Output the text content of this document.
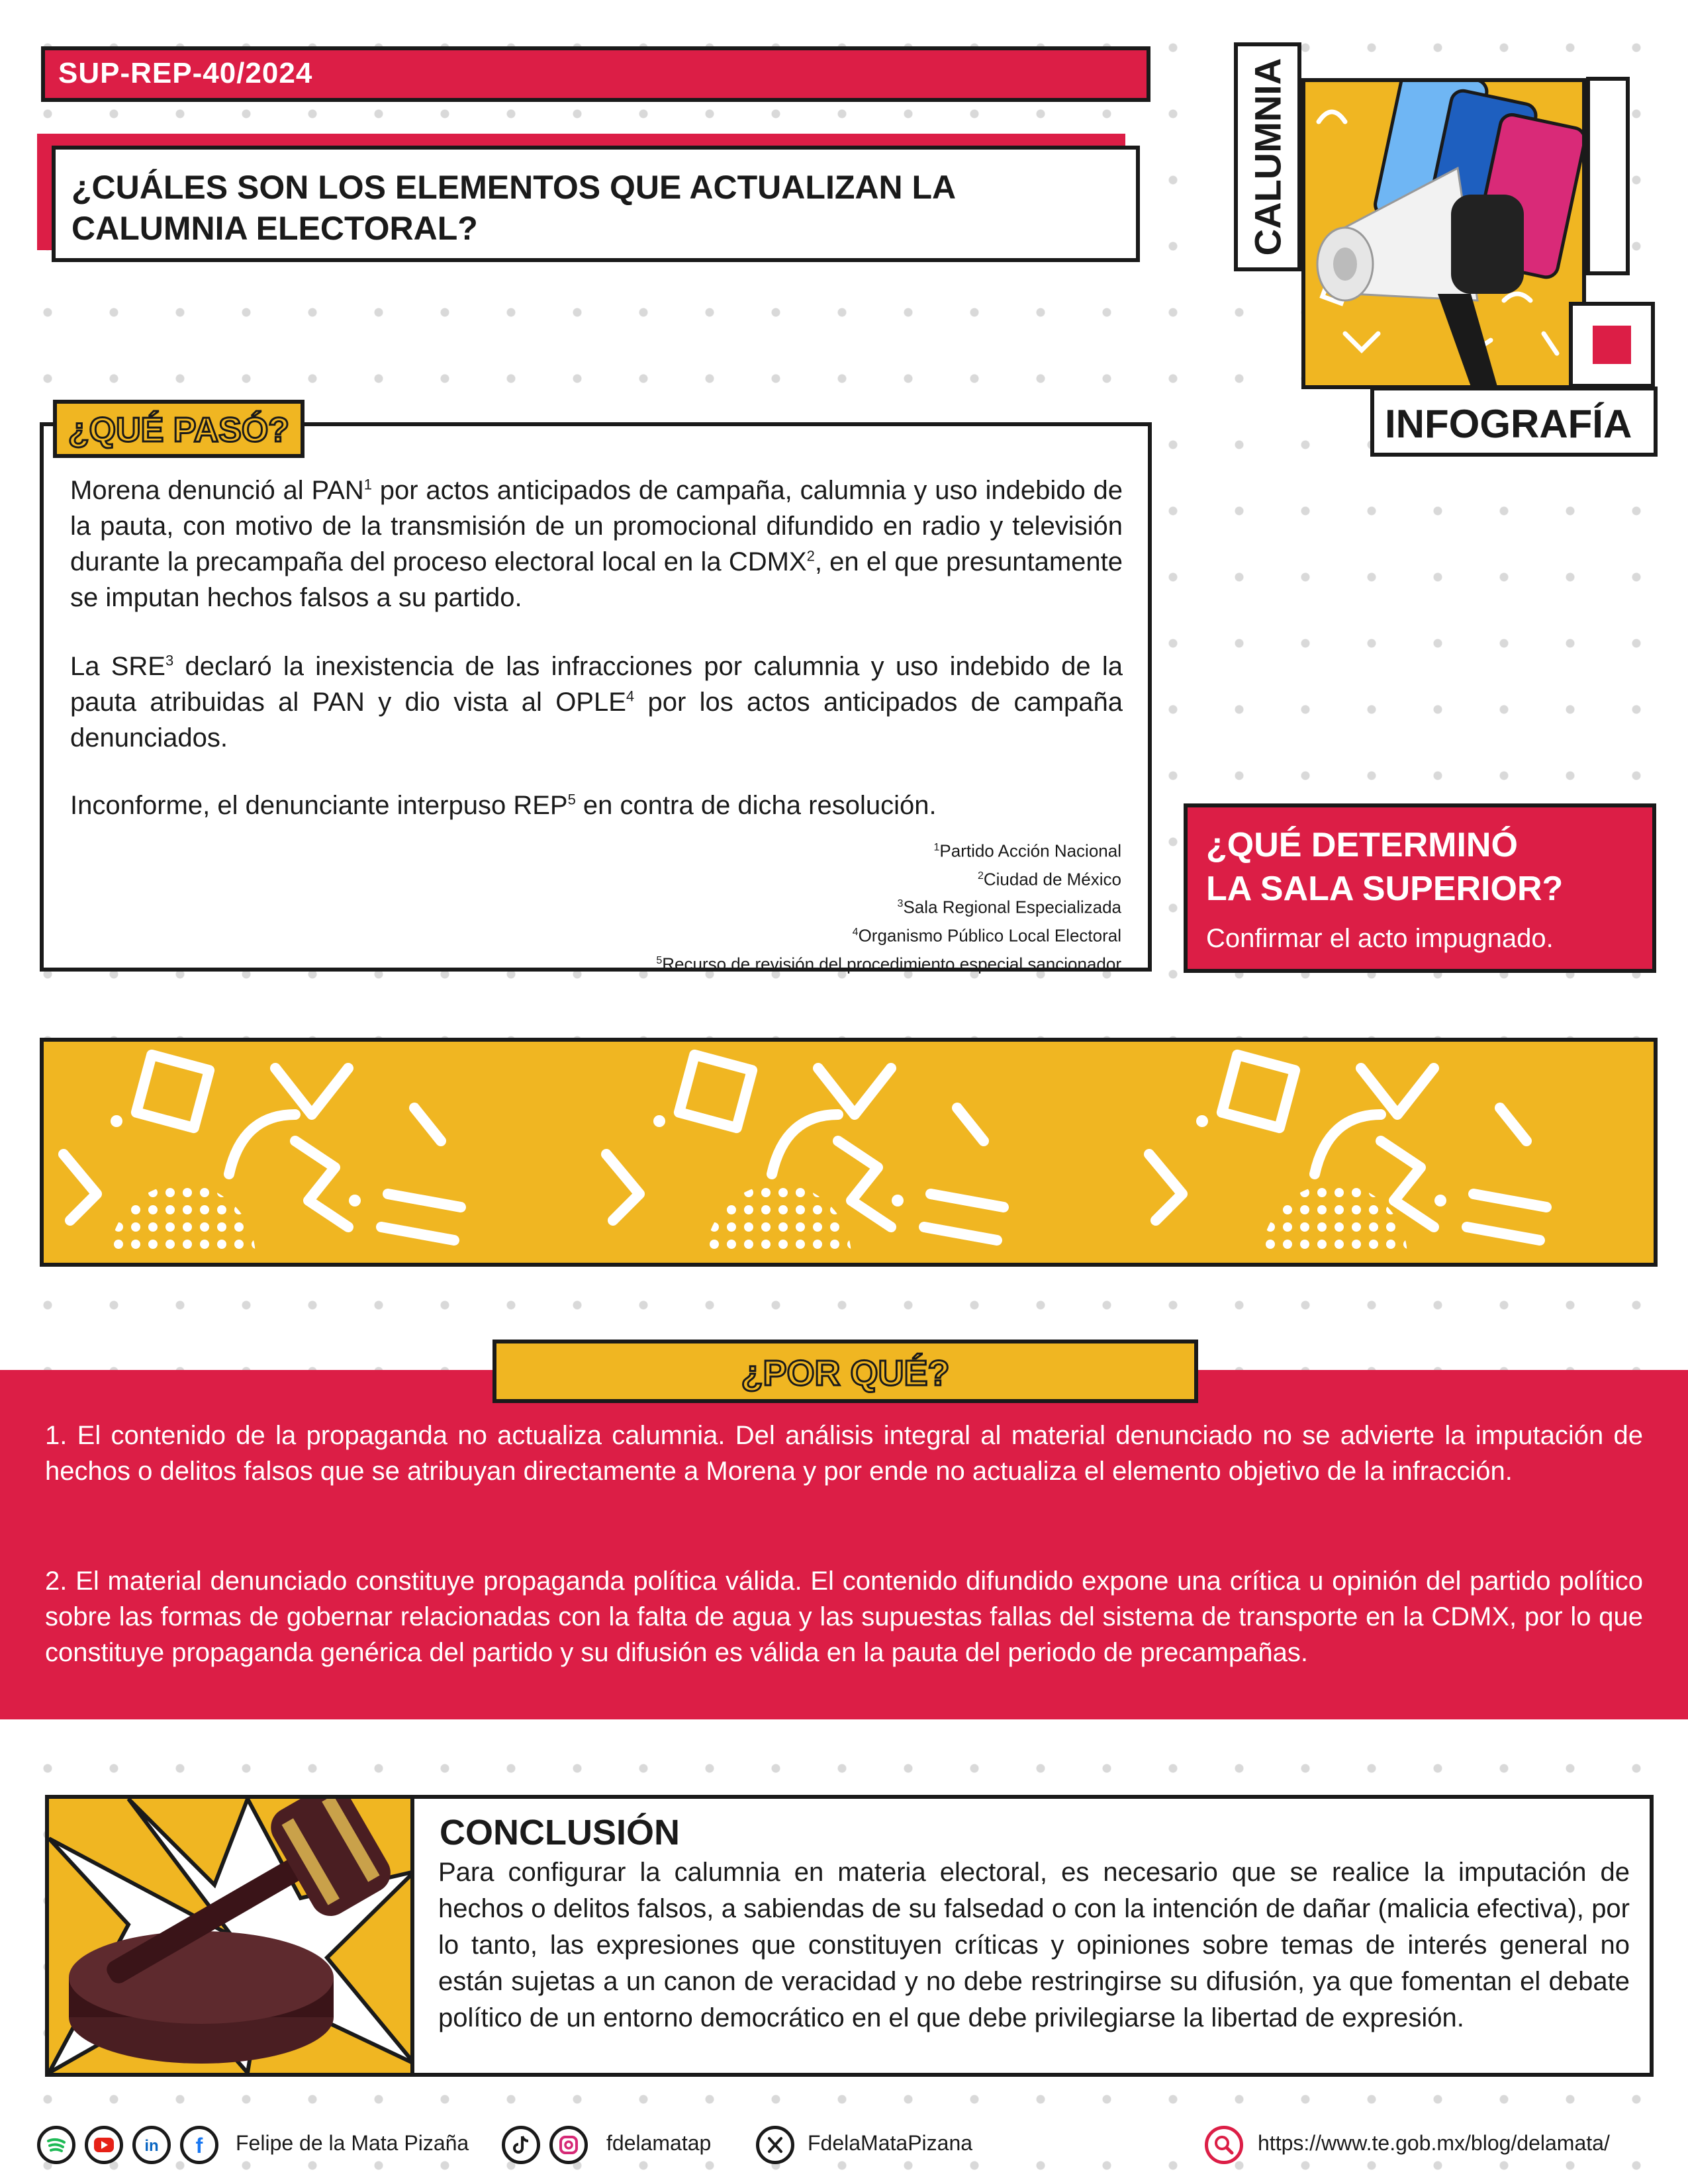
SUP-REP-40/2024
¿CUÁLES SON LOS ELEMENTOS QUE ACTUALIZAN LA CALUMNIA ELECTORAL?	CALUMNIA
INFOGRAFÍA

Morena denunció al PAN$^1$ por actos anticipados de campaña, calumnia y uso indebido de la pauta, con motivo de la transmisión de un promocional difundido en radio y televisión durante la precampaña del proceso electoral local en la CDMX$^2$, en el que presuntamente se imputan hechos falsos a su partido.

La SRE$^3$ declaró la inexistencia de las infracciones por calumnia y uso indebido de la pauta atribuidas al PAN y dio vista al OPLE$^4$ por los actos anticipados de campaña denunciados.

Inconforme, el denunciante interpuso REP$^5$ en contra de dicha resolución.

$^1$Partido Acción Nacional
$^2$Ciudad de México
$^3$Sala Regional Especializada
$^4$Organismo Público Local Electoral
$^5$Recurso de revisión del procedimiento especial sancionador
¿QUÉ PASÓ?
¿QUÉ DETERMINÓ
LA SALA SUPERIOR?

Confirmar el acto impugnado.

1. El contenido de la propaganda no actualiza calumnia. Del análisis integral al material denunciado no se advierte la imputación de hechos o delitos falsos que se atribuyan directamente a Morena y por ende no actualiza el elemento objetivo de la infracción.

2. El material denunciado constituye propaganda política válida. El contenido difundido expone una crítica u opinión del partido político sobre las formas de gobernar relacionadas con la falta de agua y las supuestas fallas del sistema de transporte en la CDMX, por lo que constituye propaganda genérica del partido y su difusión es válida en la pauta del periodo de precampañas.

¿POR QUÉ?
CONCLUSIÓN

Para configurar la calumnia en materia electoral, es necesario que se realice la imputación de hechos o delitos falsos, a sabiendas de su falsedad o con la intención de dañar (malicia efectiva), por lo tanto, las expresiones que constituyen críticas y opiniones sobre temas de interés general no están sujetas a un canon de veracidad y no debe restringirse su difusión, ya que fomentan el debate político de un entorno democrático en el que debe privilegiarse la libertad de expresión.

in f Felipe de la Mata Pizaña	fdelamatap	FdelaMataPizana	https://www.te.gob.mx/blog/delamata/
